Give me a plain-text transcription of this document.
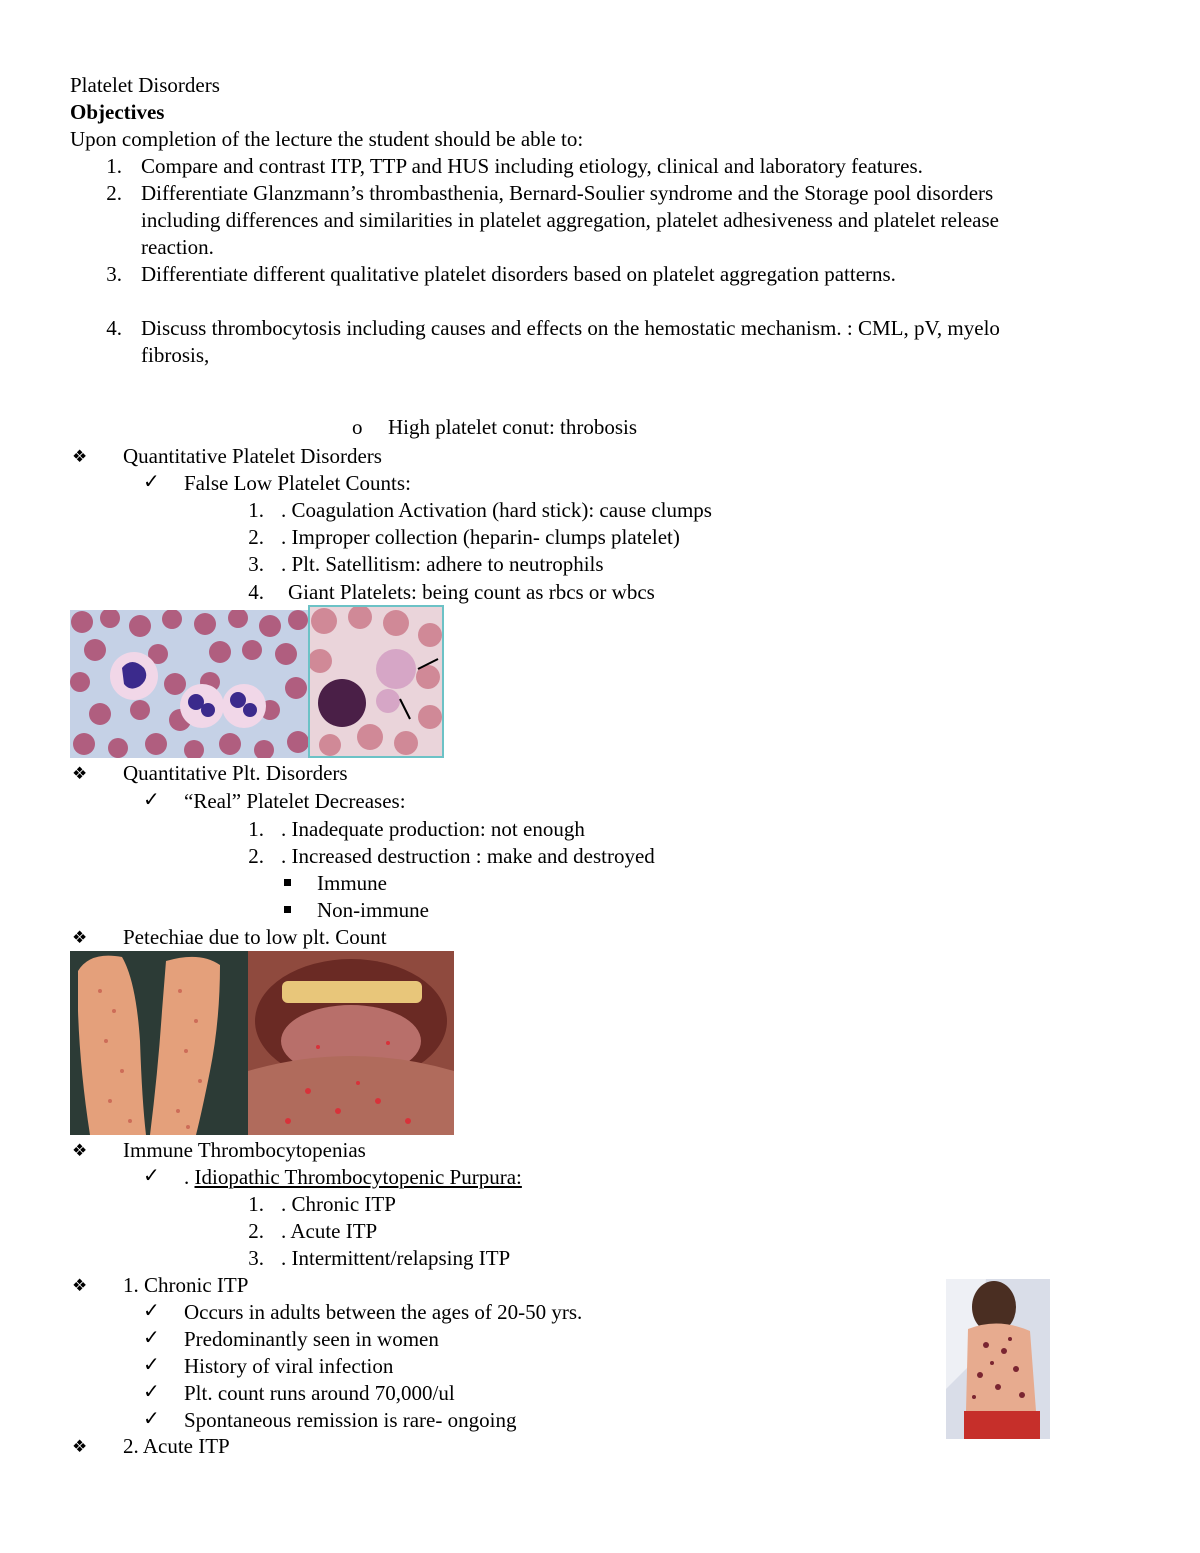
Platelet Disorders
Objectives
Upon completion of the lecture the student should be able to:
1. Compare and contrast ITP, TTP and HUS including etiology, clinical and laboratory features.
2. Differentiate Glanzmann’s thrombasthenia, Bernard-Soulier syndrome and the Storage pool disorders
including differences and similarities in platelet aggregation, platelet adhesiveness and platelet release
reaction.
3. Differentiate different qualitative platelet disorders based on platelet aggregation patterns.
4. Discuss thrombocytosis including causes and effects on the hemostatic mechanism. : CML, pV, myelo
fibrosis,
o High platelet conut: throbosis
❖ Quantitative Platelet Disorders
✓ False Low Platelet Counts:
1. . Coagulation Activation (hard stick): cause clumps
2. . Improper collection (heparin- clumps platelet)
3. . Plt. Satellitism: adhere to neutrophils
4. Giant Platelets: being count as rbcs or wbcs
❖ Quantitative Plt. Disorders
✓ “Real” Platelet Decreases:
1. . Inadequate production: not enough
2. . Increased destruction : make and destroyed
Immune
Non-immune
❖ Petechiae due to low plt. Count
❖ Immune Thrombocytopenias
✓ . Idiopathic Thrombocytopenic Purpura:
1. . Chronic ITP
2. . Acute ITP
3. . Intermittent/relapsing ITP
❖ 1. Chronic ITP
✓ Occurs in adults between the ages of 20-50 yrs.
✓ Predominantly seen in women
✓ History of viral infection
✓ Plt. count runs around 70,000/ul
✓ Spontaneous remission is rare- ongoing
❖ 2. Acute ITP
